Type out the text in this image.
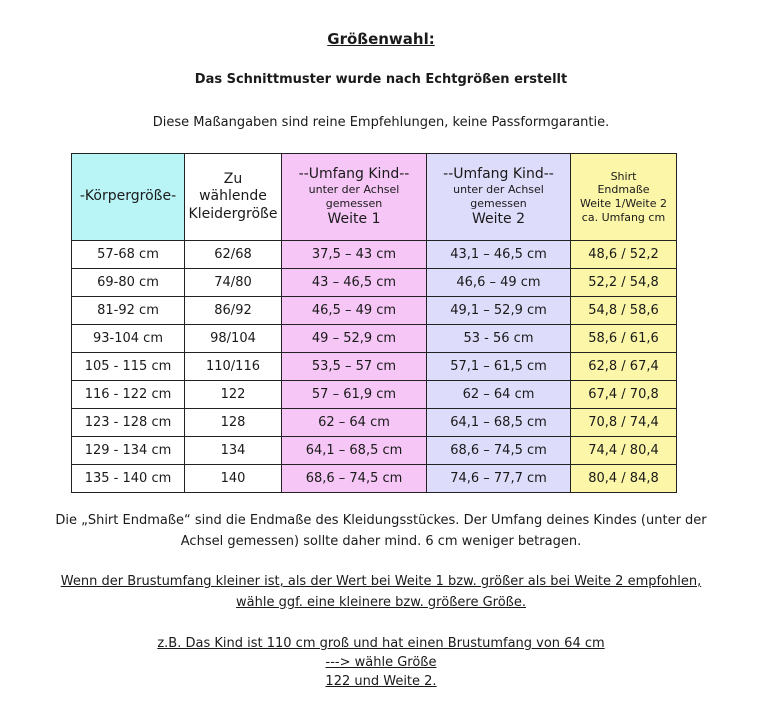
Größenwahl:
Das Schnittmuster wurde nach Echtgrößen erstellt
Diese Maßangaben sind reine Empfehlungen, keine Passformgarantie.
-Körpergröße-	Zu
wählende
Kleidergröße	--Umfang Kind--
unter der Achsel
gemessen
Weite 1	--Umfang Kind--
unter der Achsel
gemessen
Weite 2	Shirt
Endmaße
Weite 1/Weite 2
ca. Umfang cm

57-68 cm	62/68	37,5 – 43 cm	43,1 – 46,5 cm	48,6 / 52,2
69-80 cm	74/80	43 – 46,5 cm	46,6 – 49 cm	52,2 / 54,8
81-92 cm	86/92	46,5 – 49 cm	49,1 – 52,9 cm	54,8 / 58,6
93-104 cm	98/104	49 – 52,9 cm	53 - 56 cm	58,6 / 61,6
105 - 115 cm	110/116	53,5 – 57 cm	57,1 – 61,5 cm	62,8 / 67,4
116 - 122 cm	122	57 – 61,9 cm	62 – 64 cm	67,4 / 70,8
123 - 128 cm	128	62 – 64 cm	64,1 – 68,5 cm	70,8 / 74,4
129 - 134 cm	134	64,1 – 68,5 cm	68,6 – 74,5 cm	74,4 / 80,4
135 - 140 cm	140	68,6 – 74,5 cm	74,6 – 77,7 cm	80,4 / 84,8
Die „Shirt Endmaße“ sind die Endmaße des Kleidungsstückes. Der Umfang deines Kindes (unter der
Achsel gemessen) sollte daher mind. 6 cm weniger betragen.
Wenn der Brustumfang kleiner ist, als der Wert bei Weite 1 bzw. größer als bei Weite 2 empfohlen,
wähle ggf. eine kleinere bzw. größere Größe.
z.B. Das Kind ist 110 cm groß und hat einen Brustumfang von 64 cm
---> wähle Größe
122 und Weite 2.
